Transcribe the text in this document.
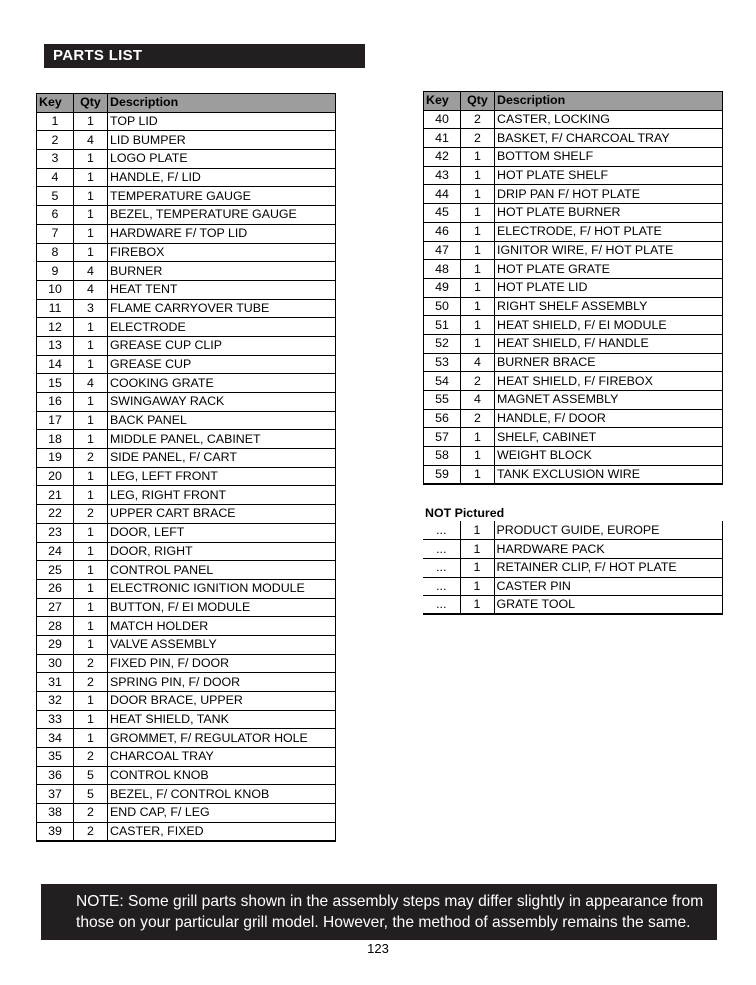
PARTS LIST
Key	Qty	Description
1	1	TOP LID
2	4	LID BUMPER
3	1	LOGO PLATE
4	1	HANDLE, F/ LID
5	1	TEMPERATURE GAUGE
6	1	BEZEL, TEMPERATURE GAUGE
7	1	HARDWARE F/ TOP LID
8	1	FIREBOX
9	4	BURNER
10	4	HEAT TENT
11	3	FLAME CARRYOVER TUBE
12	1	ELECTRODE
13	1	GREASE CUP CLIP
14	1	GREASE CUP
15	4	COOKING GRATE
16	1	SWINGAWAY RACK
17	1	BACK PANEL
18	1	MIDDLE PANEL, CABINET
19	2	SIDE PANEL, F/ CART
20	1	LEG, LEFT FRONT
21	1	LEG, RIGHT FRONT
22	2	UPPER CART BRACE
23	1	DOOR, LEFT
24	1	DOOR, RIGHT
25	1	CONTROL PANEL
26	1	ELECTRONIC IGNITION MODULE
27	1	BUTTON, F/ EI MODULE
28	1	MATCH HOLDER
29	1	VALVE ASSEMBLY
30	2	FIXED PIN, F/ DOOR
31	2	SPRING PIN, F/ DOOR
32	1	DOOR BRACE, UPPER
33	1	HEAT SHIELD, TANK
34	1	GROMMET, F/ REGULATOR HOLE
35	2	CHARCOAL TRAY
36	5	CONTROL KNOB
37	5	BEZEL, F/ CONTROL KNOB
38	2	END CAP, F/ LEG
39	2	CASTER, FIXED
Key	Qty	Description
40	2	CASTER, LOCKING
41	2	BASKET, F/ CHARCOAL TRAY
42	1	BOTTOM SHELF
43	1	HOT PLATE SHELF
44	1	DRIP PAN F/ HOT PLATE
45	1	HOT PLATE BURNER
46	1	ELECTRODE, F/ HOT PLATE
47	1	IGNITOR WIRE, F/ HOT PLATE
48	1	HOT PLATE GRATE
49	1	HOT PLATE LID
50	1	RIGHT SHELF ASSEMBLY
51	1	HEAT SHIELD, F/ EI MODULE
52	1	HEAT SHIELD, F/ HANDLE
53	4	BURNER BRACE
54	2	HEAT SHIELD, F/ FIREBOX
55	4	MAGNET ASSEMBLY
56	2	HANDLE, F/ DOOR
57	1	SHELF, CABINET
58	1	WEIGHT BLOCK
59	1	TANK EXCLUSION WIRE
NOT Pictured
...	1	PRODUCT GUIDE, EUROPE
...	1	HARDWARE PACK
...	1	RETAINER CLIP, F/ HOT PLATE
...	1	CASTER PIN
...	1	GRATE TOOL
NOTE: Some grill parts shown in the assembly steps may differ slightly in appearance from
those on your particular grill model. However, the method of assembly remains the same.
123
